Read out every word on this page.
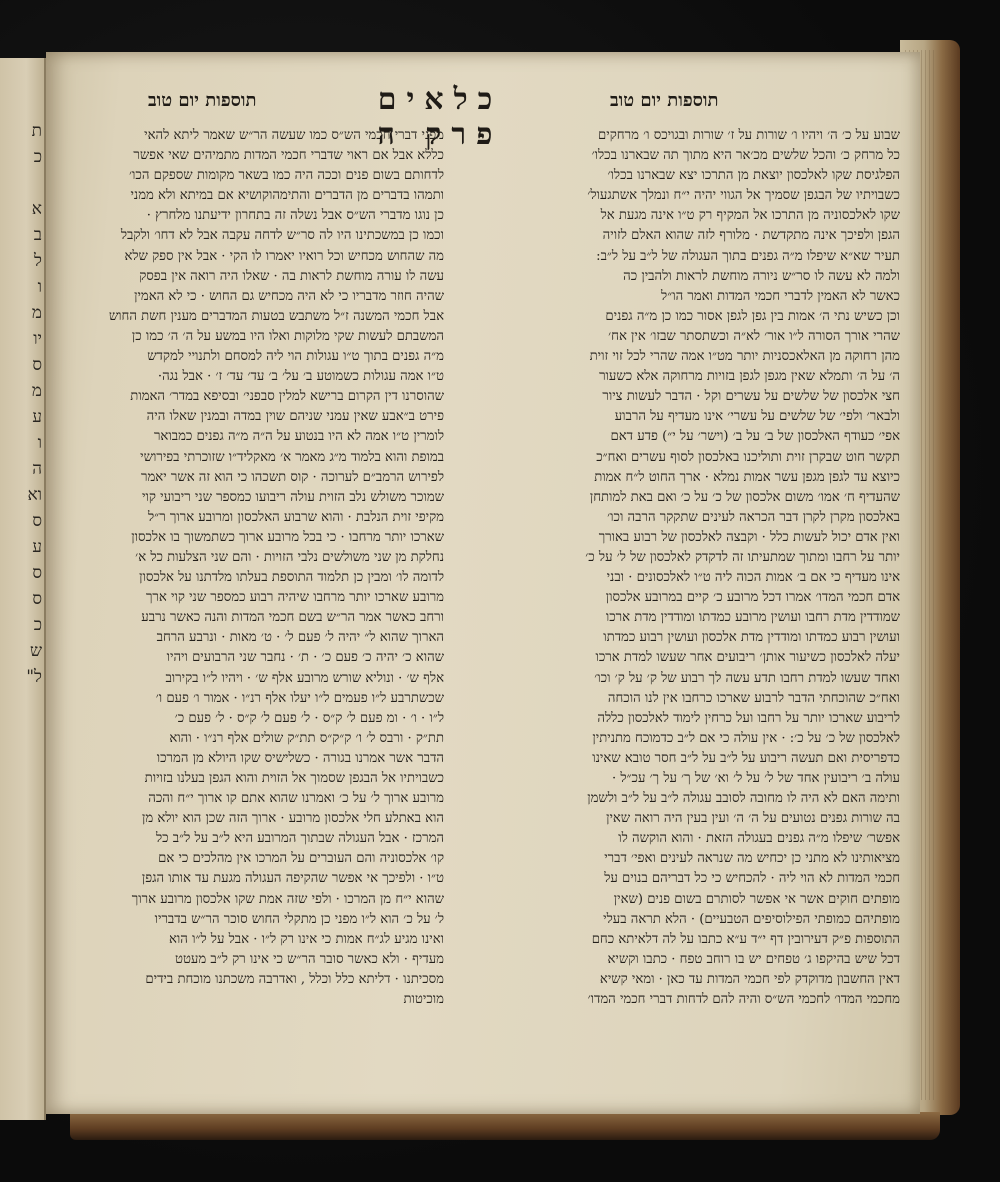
ת
כ

א
ב
ל
ו
מ
יו
ס
מ
ע
ו
ה
וא
ס
ע
ס
ס
כ
ש
ל"
תוספות יום טוב	כלאים פרק ה
תוספות יום טוב
שבוע על כ׳ ה׳ ויהיו ו׳ שורות על ז׳ שורות ובגויכס ו׳ מרחקים
כל מרחק כ׳ והכל שלשים מכ׳אר היא מתוך תה שבארנו בכלו׳
הפלגיסת שקו לאלכסון יוצאת מן התרכו יצא שבארנו בכלו׳
כשבויתיו של הבגפן שסמיך אל הגווי יהיה י״ח ונמלך אשתגעול׳
שקו לאלכסוניה מן התרכו אל המקיף רק ט״ו אינה מגעת אל
הגפן ולפיכך אינה מתקדשת · מלורף לזה שהוא האלם לזויה
תעיר שא״א שיפלו מ״ה גפנים בתוך העגולה של ל״ב על ל״ב:
ולמה לא עשה לו סר״ש ניורה מוחשת לראות ולהבין כה
כאשר לא האמין לדברי חכמי המדות ואמר הו״ל
וכן כשיש נתי ה׳ אמות בין גפן לגפן אסור כמו כן מ״ה גפנים
שהרי אורך הסורה ל״ו אור׳ לא״ה וכשתסתר שבזו׳ אין אח׳
מהן רחוקה מן האלאכסניות יותר מט״ו אמה שהרי לכל זוי זוית
ה׳ על ה׳ ותמלא שאין מגפן לגפן בזויות מרחוקה אלא כשעור
חצי אלכסון של שלשים על עשרים וקל · הדבר לעשות ציור
ולבאר׳ ולפי׳ של שלשים על עשרי׳ אינו מעדיף על הרבוע
אפי׳ כעודף האלכסון של ב׳ על ב׳ (וישר׳ על י״) פדע דאם
תקשר חוט שבקרן זוית ותוליכנו באלכסון לסוף עשרים ואח״כ
כיוצא עד לגפן מגפן עשר אמות נמלא · ארך החוט ל״ח אמות
שהעדיף ח׳ אמו׳ משום אלכסון של כ׳ על כ׳ ואם באת למותחן
באלכסון מקרן לקרן דבר הכראה לעינים שתקקר הרבה וכו׳
ואין אדם יכול לעשות כלל · וקבצה לאלכסון של רבוע באורך
יותר על רחבו ומתוך שמתעיתו זה לדקדק לאלכסון של ל׳ על כ׳
אינו מעדיף כי אם ב׳ אמות הכוה ליה ט״ו לאלכסונים · ובני
אדם חכמי המדו׳ אמרו דכל מרובע כ׳ קיים במרובע אלכסון
שמודדין מדת רחבו ועושין מרובע כמדתו ומודדין מדת ארכו
ועושין רבוע כמדתו ומודדין מדת אלכסון ועושין רבוע כמדתו
יעלה לאלכסון כשיעור אותן׳ ריבועים אחר שעשו למדת ארכו
ואחד שעשו למדת רחבו תדע עשה לך רבוע של ק׳ על ק׳ וכו׳
ואח״כ שהוכחתי הדבר לרבוע שארכו כרחבו אין לנו הוכחה
לריבוע שארכו יותר על רחבו ועל כרחין לימוד לאלכסון כללה
לאלכסון של כ׳ על כ׳: · אין עולה כי אם ל״ב כדמוכח מתניתין
כדפריסית ואם תעשה ריבוע על ל״ב על ל״ב חסר טובא שאינו
עולה ב׳ ריבועין אחד של ל׳ על ל׳ וא׳ של ך׳ על ך׳ עכ״ל ·
ותימה האם לא היה לו מחובה לסובב עגולה ל״ב על ל״ב ולשמן
בה שורות גפנים נטועים על ה׳ ה׳ ועין בעין היה רואה שאין
אפשר׳ שיפלו מ״ה גפנים בעגולה הזאת · והוא הוקשה לו
מציאותינו לא מתני כן יכחיש מה שנראה לעינים ואפי׳ דברי
חכמי המדות לא הוי ליה · להכחיש כי כל דבריהם בנוים על
מופתים חוקים אשר אי אפשר לסותרם בשום פנים (שאין
מופתיהם כמופתי הפילוסיפים הטבעיים) · הלא תראה בעלי
התוספות פ״ק דעירובין דף י״ד ע״א כתבו על לה דלאיתא כחם
דכל שיש בהיקפו ג׳ טפחים יש בו רוחב טפח · כתבו וקשיא
דאין החשבון מדוקדק לפי חכמי המדות עד כאן · ומאי קשיא
מחכמי המדו׳ לחכמי הש״ס והיה להם לדחות דברי חכמי המדו׳
מפני דברי חכמי הש״ס כמו שעשה הר״ש שאמר ליתא להאי
כללא אבל אם ראוי שדברי חכמי המדות מתמיהים שאי אפשר
לדחותם בשום פנים וככה היה כמו בשאר מקומות שספקם הכו׳
ותמהו בדברים מן הדברים והתימהוקושיא אם במיתא ולא ממני
כן נוגו מדברי הש״ס אבל נשלה זה בתחרון ידיעתנו מלחרץ ·
וכמו כן במשכתינו היו לה סר״ש לדחה עקבה אבל לא דחו׳ ולקבל
מה שהחוש מכחיש וכל רואיו יאמרו לו הקי · אבל אין ספק שלא
עשה לו עורה מוחשת לראות בה · שאלו היה רואה אין בפסק
שהיה חוזר מדבריו כי לא היה מכחיש גם החוש · כי לא האמין
אבל חכמי המשנה ז״ל משתבש בטעות המדברים מענין חשת החוש
המשבתם לעשות שקי מלוקות ואלו היו במשע על ה׳ ה׳ כמו כן
מ״ה גפנים בתוך ט״ו עגולות הוי ליה למסחם ולתנויי למקדש
ט״ו אמה עגולות כשמוטע ב׳ על׳ ב׳ עד׳ עד׳ ז׳ · אבל נגה·
שהוסרנו דין הקרום ברישא למלין סבפני׳ ובסיפא במדר׳ האמות
פירט ב״אבע שאין עמני שניהם שוין במדה ובמנין שאלו היה
לומרין ט״ו אמה לא היו בנטוע על ה״ה מ״ה גפנים כמבואר
במופת והוא בלמוד מ״ג מאמר א׳ מאקליד״ו שזוכרתי בפירושי
לפירוש הרמב״ם לערוכה · קוס תשכהו כי הוא זה אשר יאמר
שמוכר משולש נלב הזוית עולה ריבועו כמספר שני ריבועי קוי
מקיפי זוית הנלבת · והוא שרבוע האלכסון ומרובע ארוך ר״ל
שארכו יותר מרחבו · כי בכל מרובע ארוך כשתמשוך בו אלכסון
נחלקת מן שני משולשים נלבי הזויות · והם שני הצלעות כל א׳
לדומה לו׳ ומבין כן תלמוד התוספת בעלתו מלדתנו על אלכסון
מרובע שארכו יותר מרחבו שיהיה רבוע כמספר שני קוי ארך
ורחב כאשר אמר הר״ש בשם חכמי המדות והנה כאשר נרבע
הארוך שהוא ל״ יהיה ל׳ פעם ל׳ · ט׳ מאות · ונרבע הרחב
שהוא כ׳ יהיה כ׳ פעם כ׳ · ת׳ · נחבר שני הרבועים ויהיו
אלף ש׳ · ונוליא שורש מרובע אלף ש׳ · ויהיו ל״ו בקירוב
שכשתרבע ל״ו פעמים ל״ו יעלו אלף רנ״ו · אמור ו׳ פעם ו׳
ל״ו · ו׳ · ומ פעם ל׳ ק״ס · ל׳ פעם ל׳ ק״ס · ל׳ פעם כ׳
תת״ק · ורבס ל׳ ו׳ ק״ק״ס תת״ק שולים אלף רנ״ו · והוא
הדבר אשר אמרנו בגורה · כשלישיס שקו היולא מן המרכו
כשבויתיו אל הבגפן שסמוך אל הזוית והוא הגפן בעלנו בזויות
מרובע ארוך ל׳ על כ׳ ואמרנו שהוא אתם קו ארוך י״ח והכה
הוא באתלע חלי אלכסון מרובע · ארוך הזה שכן הוא יולא מן
המרכז · אבל העגולה שבתוך המרובע היא ל״ב על ל״ב כל
קו׳ אלכסוניה והם העוברים על המרכו אין מהלכים כי אם
ט״ו · ולפיכך אי אפשר שהקיפה העגולה מגעת עד אותו הגפן
שהוא י״ח מן המרכו · ולפי שזה אמת שקו אלכסון מרובע ארוך
ל׳ על כ׳ הוא ל״ו מפני כן מתקלי החוש סוכר הר״ש בדבריו
ואינו מגיע לג״ח אמות כי אינו רק ל״ו · אבל על ל״ו הוא
מעדיף · ולא כאשר סובר הר״ש כי אינו רק ל״ב מעטט
מסכיתנו · דליתא כלל וכלל , ואדרבה משכתנו מוכחת בידים
מוכיטות
